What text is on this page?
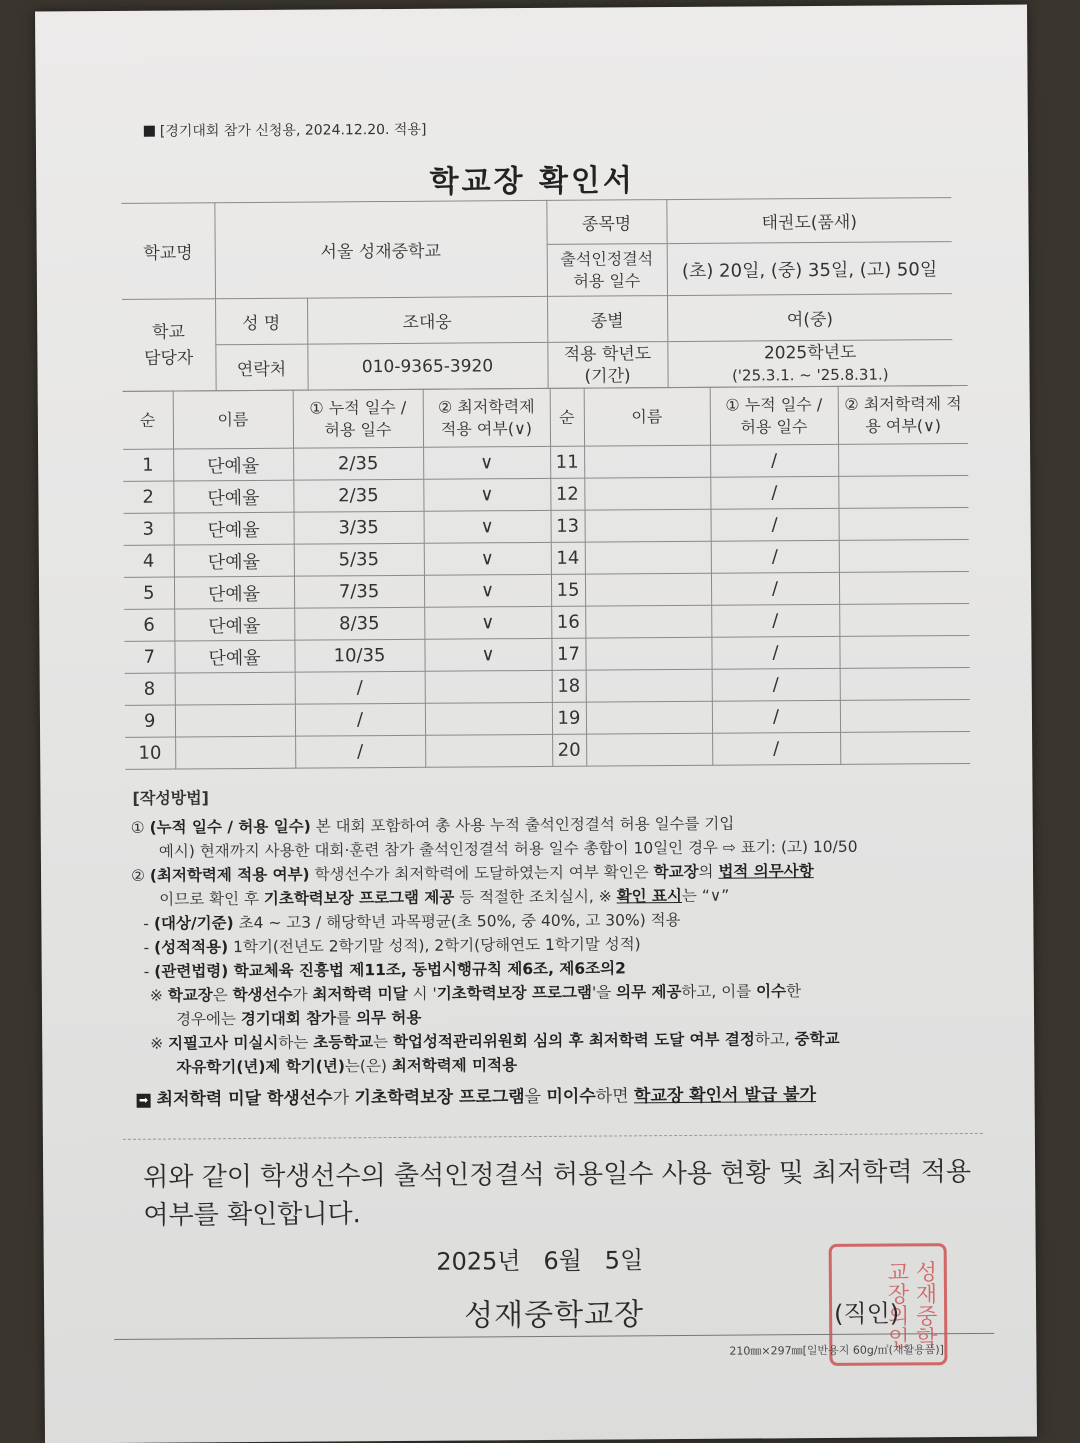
[경기대회 참가 신청용, 2024.12.20. 적용]
학교장 확인서
학교명	서울 성재중학교		종목명	태권도(품새)
			출석인정결석 허용 일수	(초) 20일, (중) 35일, (고) 50일
학교 담당자	성 명	조대웅	종별	여(중)
	연락처	010-9365-3920	적용 학년도 (기간)	2025학년도
('25.3.1. ~ '25.8.31.)
순	이름	① 누적 일수 / 허용 일수	② 최저학력제 적용 여부(∨)	순	이름	① 누적 일수 / 허용 일수	② 최저학력제 적용 여부(∨)
1	단예율	2/35	∨	11		/	
2	단예율	2/35	∨	12		/	
3	단예율	3/35	∨	13		/	
4	단예율	5/35	∨	14		/	
5	단예율	7/35	∨	15		/	
6	단예율	8/35	∨	16		/	
7	단예율	10/35	∨	17		/	
8		/		18		/	
9		/		19		/	
10		/		20		/	
[작성방법]
① (누적 일수 / 허용 일수) 본 대회 포함하여 총 사용 누적 출석인정결석 허용 일수를 기입
예시) 현재까지 사용한 대회·훈련 참가 출석인정결석 허용 일수 총합이 10일인 경우 ⇨ 표기: (고) 10/50
② (최저학력제 적용 여부) 학생선수가 최저학력에 도달하였는지 여부 확인은 학교장의 법적 의무사항
이므로 확인 후 기초학력보장 프로그램 제공 등 적절한 조치실시, ※ 확인 표시는 “∨”
- (대상/기준) 초4 ~ 고3 / 해당학년 과목평균(초 50%, 중 40%, 고 30%) 적용
- (성적적용) 1학기(전년도 2학기말 성적), 2학기(당해연도 1학기말 성적)
- (관련법령) 학교체육 진흥법 제11조, 동법시행규칙 제6조, 제6조의2
※ 학교장은 학생선수가 최저학력 미달 시 '기초학력보장 프로그램'을 의무 제공하고, 이를 이수한
경우에는 경기대회 참가를 의무 허용
※ 지필고사 미실시하는 초등학교는 학업성적관리위원회 심의 후 최저학력 도달 여부 결정하고, 중학교
자유학기(년)제 학기(년)는(은) 최저학력제 미적용
➡ 최저학력 미달 학생선수가 기초학력보장 프로그램을 미이수하면 학교장 확인서 발급 불가
위와 같이 학생선수의 출석인정결석 허용일수 사용 현황 및 최저학력 적용 여부를 확인합니다.
2025년   6월   5일
성재중학교장	성재중학교장의인
(직인)
210㎜×297㎜[일반용지 60g/㎡(재활용품)]
